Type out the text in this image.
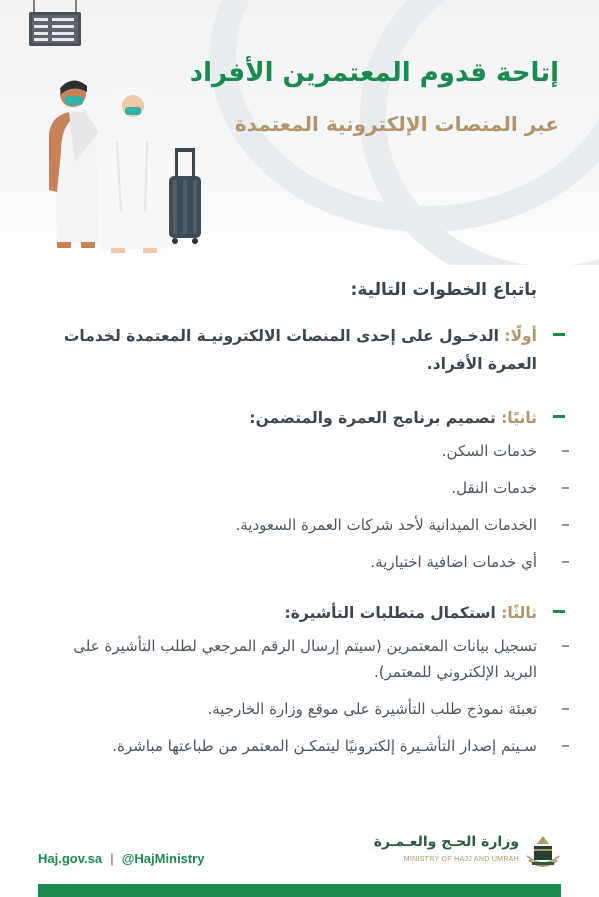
إتاحة قدوم المعتمرين الأفراد
عبر المنصات الإلكترونية المعتمدة

باتباع الخطوات التالية:

أولًا: الدخـول على إحدى المنصات الالكترونيـة المعتمدة لخدمات العمرة الأفراد.

ثانيًا: تصميم برنامج العمرة والمتضمن:

خدمات السكن.
خدمات النقل.
الخدمات الميدانية لأحد شركات العمرة السعودية.
أي خدمات اضافية اختيارية.

ثالثًا: استكمال متطلبات التأشيرة:

تسجيل بيانات المعتمرين (سيتم إرسال الرقم المرجعي لطلب التأشيرة على البريد الإلكتروني للمعتمر).
تعبئة نموذج طلب التأشيرة على موقع وزارة الخارجية.
سـيتم إصدار التأشـيرة إلكترونيًا ليتمكـن المعتمر من طباعتها مباشرة.
Haj.gov.sa | @HajMinistry
وزارة الحـج والعـمـرة
MINISTRY OF HAJJ AND UMRAH
